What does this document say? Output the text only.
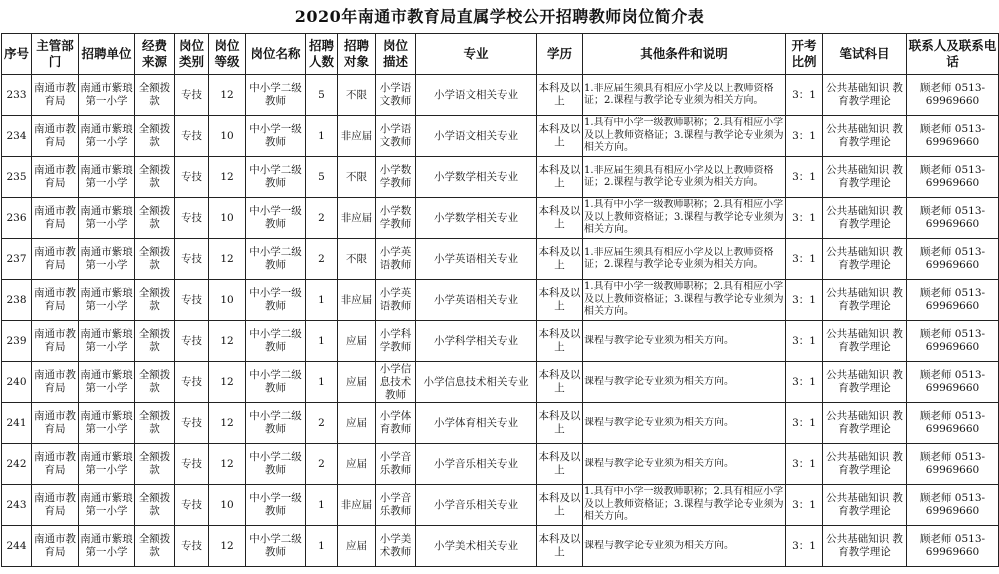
2020年南通市教育局直属学校公开招聘教师岗位简介表
序号	主管部门	招聘单位	经费来源	岗位类别	岗位等级	岗位名称	招聘人数	招聘对象	岗位描述	专业	学历	其他条件和说明	开考比例	笔试科目	联系人及联系电话

233	南通市教育局	南通市紫琅第一小学	全额拨款	专技	12	中小学二级教师	5	不限	小学语文教师	小学语文相关专业	本科及以上	1.非应届生须具有相应小学及以上教师资格证；2.课程与教学论专业须为相关方向。	3：1	公共基础知识 教育教学理论	顾老师 0513-69969660

234	南通市教育局	南通市紫琅第一小学	全额拨款	专技	10	中小学一级教师	1	非应届	小学语文教师	小学语文相关专业	本科及以上	1.具有中小学一级教师职称；2.具有相应小学及以上教师资格证；3.课程与教学论专业须为相关方向。	3：1	公共基础知识 教育教学理论	顾老师 0513-69969660

235	南通市教育局	南通市紫琅第一小学	全额拨款	专技	12	中小学二级教师	5	不限	小学数学教师	小学数学相关专业	本科及以上	1.非应届生须具有相应小学及以上教师资格证；2.课程与教学论专业须为相关方向。	3：1	公共基础知识 教育教学理论	顾老师 0513-69969660

236	南通市教育局	南通市紫琅第一小学	全额拨款	专技	10	中小学一级教师	2	非应届	小学数学教师	小学数学相关专业	本科及以上	1.具有中小学一级教师职称；2.具有相应小学及以上教师资格证；3.课程与教学论专业须为相关方向。	3：1	公共基础知识 教育教学理论	顾老师 0513-69969660

237	南通市教育局	南通市紫琅第一小学	全额拨款	专技	12	中小学二级教师	2	不限	小学英语教师	小学英语相关专业	本科及以上	1.非应届生须具有相应小学及以上教师资格证；2.课程与教学论专业须为相关方向。	3：1	公共基础知识 教育教学理论	顾老师 0513-69969660

238	南通市教育局	南通市紫琅第一小学	全额拨款	专技	10	中小学一级教师	1	非应届	小学英语教师	小学英语相关专业	本科及以上	1.具有中小学一级教师职称；2.具有相应小学及以上教师资格证；3.课程与教学论专业须为相关方向。	3：1	公共基础知识 教育教学理论	顾老师 0513-69969660

239	南通市教育局	南通市紫琅第一小学	全额拨款	专技	12	中小学二级教师	1	应届	小学科学教师	小学科学相关专业	本科及以上	课程与教学论专业须为相关方向。	3：1	公共基础知识 教育教学理论	顾老师 0513-69969660

240	南通市教育局	南通市紫琅第一小学	全额拨款	专技	12	中小学二级教师	1	应届	小学信息技术教师	小学信息技术相关专业	本科及以上	课程与教学论专业须为相关方向。	3：1	公共基础知识 教育教学理论	顾老师 0513-69969660

241	南通市教育局	南通市紫琅第一小学	全额拨款	专技	12	中小学二级教师	2	应届	小学体育教师	小学体育相关专业	本科及以上	课程与教学论专业须为相关方向。	3：1	公共基础知识 教育教学理论	顾老师 0513-69969660

242	南通市教育局	南通市紫琅第一小学	全额拨款	专技	12	中小学二级教师	2	应届	小学音乐教师	小学音乐相关专业	本科及以上	课程与教学论专业须为相关方向。	3：1	公共基础知识 教育教学理论	顾老师 0513-69969660

243	南通市教育局	南通市紫琅第一小学	全额拨款	专技	10	中小学一级教师	1	非应届	小学音乐教师	小学音乐相关专业	本科及以上	1.具有中小学一级教师职称；2.具有相应小学及以上教师资格证；3.课程与教学论专业须为相关方向。	3：1	公共基础知识 教育教学理论	顾老师 0513-69969660

244	南通市教育局	南通市紫琅第一小学	全额拨款	专技	12	中小学二级教师	1	应届	小学美术教师	小学美术相关专业	本科及以上	课程与教学论专业须为相关方向。	3：1	公共基础知识 教育教学理论	顾老师 0513-69969660
